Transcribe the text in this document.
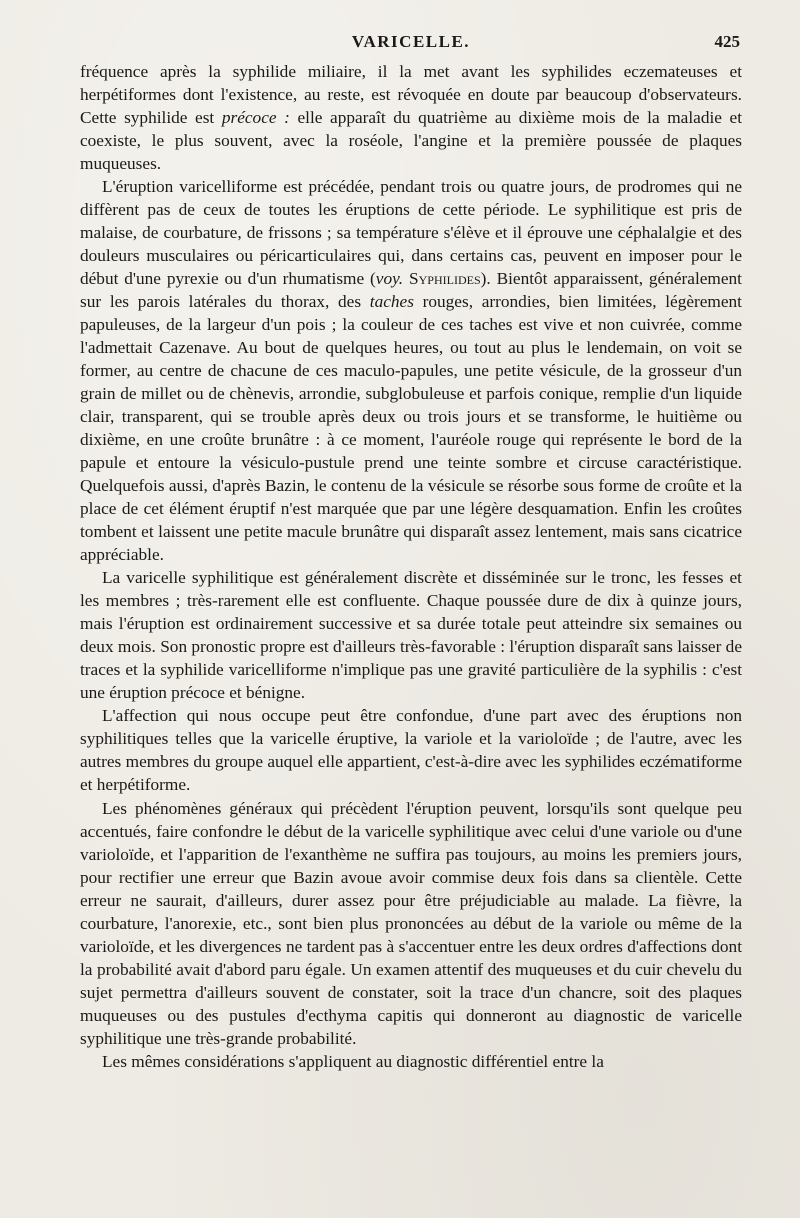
VARICELLE.	425

fréquence après la syphilide miliaire, il la met avant les syphilides eczemateuses et herpétiformes dont l'existence, au reste, est révoquée en doute par beaucoup d'observateurs. Cette syphilide est précoce : elle apparaît du quatrième au dixième mois de la maladie et coexiste, le plus souvent, avec la roséole, l'angine et la première poussée de plaques muqueuses.

L'éruption varicelliforme est précédée, pendant trois ou quatre jours, de prodromes qui ne diffèrent pas de ceux de toutes les éruptions de cette période. Le syphilitique est pris de malaise, de courbature, de frissons ; sa température s'élève et il éprouve une céphalalgie et des douleurs musculaires ou péricarticulaires qui, dans certains cas, peuvent en imposer pour le début d'une pyrexie ou d'un rhumatisme (voy. Syphilides). Bientôt apparaissent, généralement sur les parois latérales du thorax, des taches rouges, arrondies, bien limitées, légèrement papuleuses, de la largeur d'un pois ; la couleur de ces taches est vive et non cuivrée, comme l'admettait Cazenave. Au bout de quelques heures, ou tout au plus le lendemain, on voit se former, au centre de chacune de ces maculo-papules, une petite vésicule, de la grosseur d'un grain de millet ou de chènevis, arrondie, subglobuleuse et parfois conique, remplie d'un liquide clair, transparent, qui se trouble après deux ou trois jours et se transforme, le huitième ou dixième, en une croûte brunâtre : à ce moment, l'auréole rouge qui représente le bord de la papule et entoure la vésiculo-pustule prend une teinte sombre et circuse caractéristique. Quelquefois aussi, d'après Bazin, le contenu de la vésicule se résorbe sous forme de croûte et la place de cet élément éruptif n'est marquée que par une légère desquamation. Enfin les croûtes tombent et laissent une petite macule brunâtre qui disparaît assez lentement, mais sans cicatrice appréciable.

La varicelle syphilitique est généralement discrète et disséminée sur le tronc, les fesses et les membres ; très-rarement elle est confluente. Chaque poussée dure de dix à quinze jours, mais l'éruption est ordinairement successive et sa durée totale peut atteindre six semaines ou deux mois. Son pronostic propre est d'ailleurs très-favorable : l'éruption disparaît sans laisser de traces et la syphilide varicelliforme n'implique pas une gravité particulière de la syphilis : c'est une éruption précoce et bénigne.

L'affection qui nous occupe peut être confondue, d'une part avec des éruptions non syphilitiques telles que la varicelle éruptive, la variole et la varioloïde ; de l'autre, avec les autres membres du groupe auquel elle appartient, c'est-à-dire avec les syphilides eczématiforme et herpétiforme.

Les phénomènes généraux qui précèdent l'éruption peuvent, lorsqu'ils sont quelque peu accentués, faire confondre le début de la varicelle syphilitique avec celui d'une variole ou d'une varioloïde, et l'apparition de l'exanthème ne suffira pas toujours, au moins les premiers jours, pour rectifier une erreur que Bazin avoue avoir commise deux fois dans sa clientèle. Cette erreur ne saurait, d'ailleurs, durer assez pour être préjudiciable au malade. La fièvre, la courbature, l'anorexie, etc., sont bien plus prononcées au début de la variole ou même de la varioloïde, et les divergences ne tardent pas à s'accentuer entre les deux ordres d'affections dont la probabilité avait d'abord paru égale. Un examen attentif des muqueuses et du cuir chevelu du sujet permettra d'ailleurs souvent de constater, soit la trace d'un chancre, soit des plaques muqueuses ou des pustules d'ecthyma capitis qui donneront au diagnostic de varicelle syphilitique une très-grande probabilité.

Les mêmes considérations s'appliquent au diagnostic différentiel entre la
